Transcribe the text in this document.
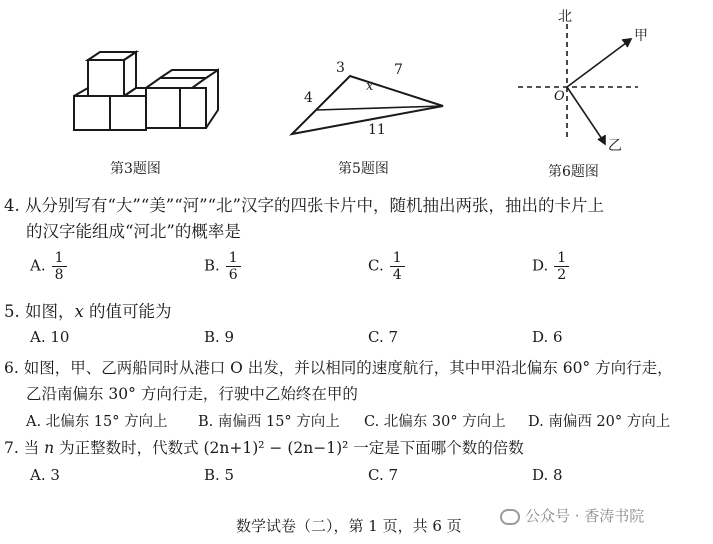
第3题图
3	7
4
11
x
第5题图
北
甲
乙
O
第6题图
4. 从分别写有“大”“美”“河”“北”汉字的四张卡片中，随机抽出两张，抽出的卡片上
的汉字能组成“河北”的概率是
A. $\frac{1}{8}$	B. $\frac{1}{6}$	C. $\frac{1}{4}$	D. $\frac{1}{2}$
5. 如图，x 的值可能为
A. 10	B. 9	C. 7	D. 6
6. 如图，甲、乙两船同时从港口 O 出发，并以相同的速度航行，其中甲沿北偏东 60° 方向行走，
乙沿南偏东 30° 方向行走，行驶中乙始终在甲的
A. 北偏东 15° 方向上 B. 南偏西 15° 方向上 C. 北偏东 30° 方向上 D. 南偏西 20° 方向上
7. 当 n 为正整数时，代数式 (2n+1)² − (2n−1)² 一定是下面哪个数的倍数
A. 3	B. 5	C. 7	D. 8
公众号 · 香涛书院
数学试卷（二），第 1 页，共 6 页
